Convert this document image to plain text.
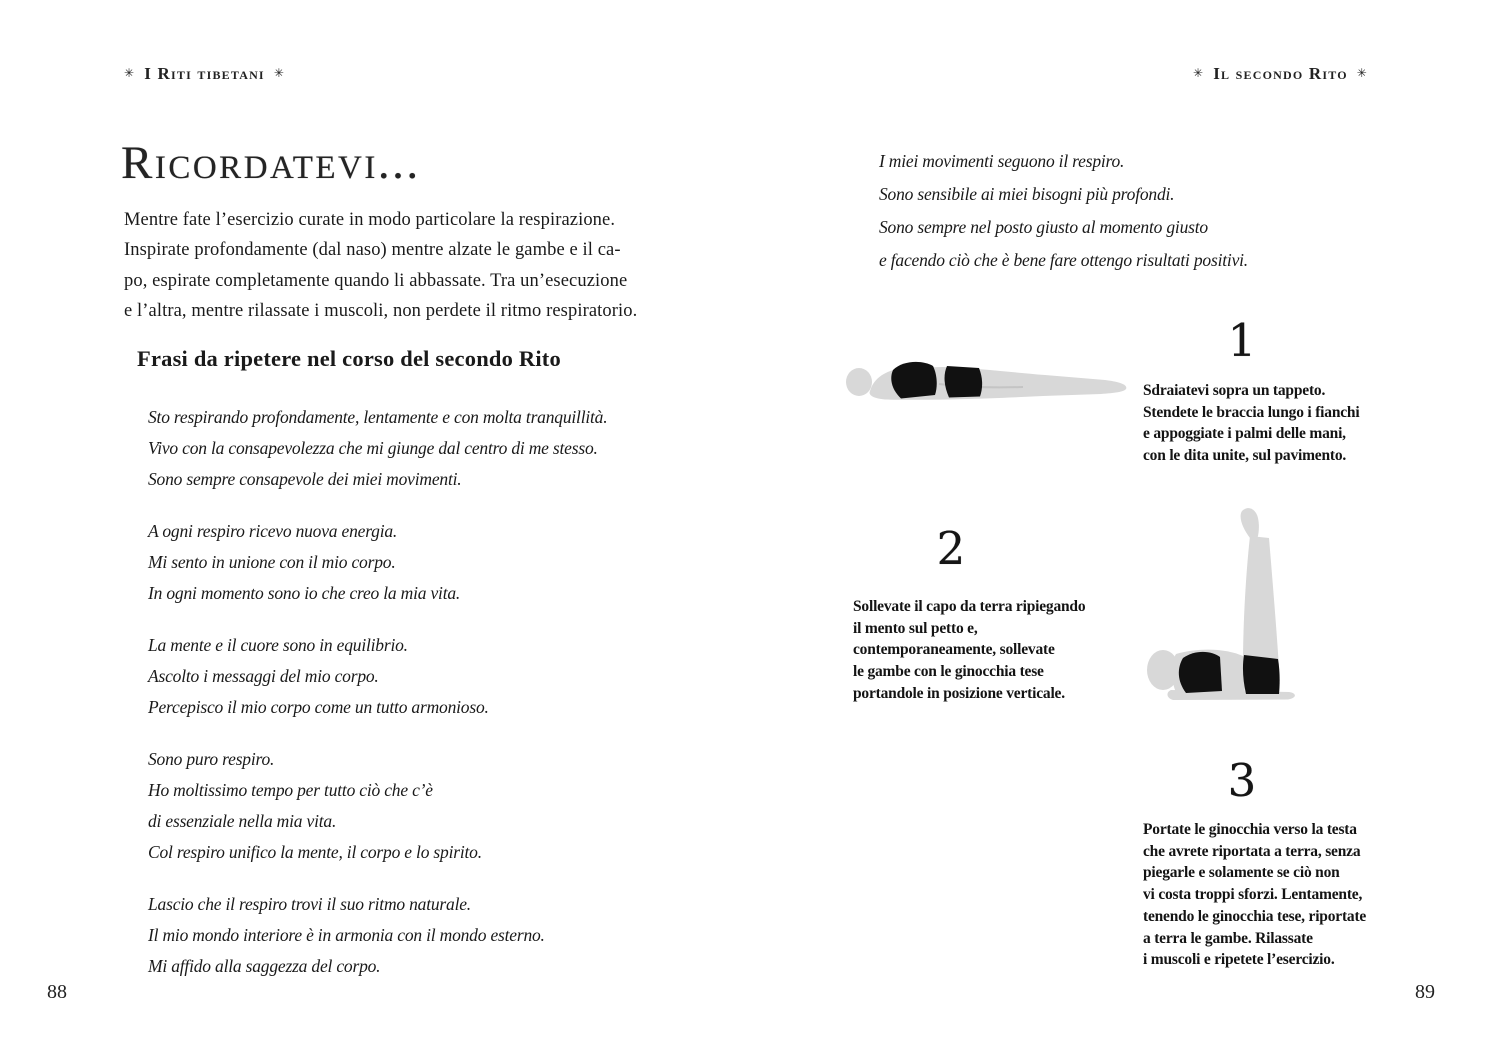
✳ I Riti tibetani ✳
Ricordatevi...
Mentre fate l’esercizio curate in modo particolare la respirazione.
Inspirate profondamente (dal naso) mentre alzate le gambe e il ca-
po, espirate completamente quando li abbassate. Tra un’esecuzione
e l’altra, mentre rilassate i muscoli, non perdete il ritmo respiratorio.
Frasi da ripetere nel corso del secondo Rito
Sto respirando profondamente, lentamente e con molta tranquillità.
Vivo con la consapevolezza che mi giunge dal centro di me stesso.
Sono sempre consapevole dei miei movimenti.
A ogni respiro ricevo nuova energia.
Mi sento in unione con il mio corpo.
In ogni momento sono io che creo la mia vita.
La mente e il cuore sono in equilibrio.
Ascolto i messaggi del mio corpo.
Percepisco il mio corpo come un tutto armonioso.
Sono puro respiro.
Ho moltissimo tempo per tutto ciò che c’è
di essenziale nella mia vita.
Col respiro unifico la mente, il corpo e lo spirito.
Lascio che il respiro trovi il suo ritmo naturale.
Il mio mondo interiore è in armonia con il mondo esterno.
Mi affido alla saggezza del corpo.
88
✳ Il secondo Rito ✳
I miei movimenti seguono il respiro.
Sono sensibile ai miei bisogni più profondi.
Sono sempre nel posto giusto al momento giusto
e facendo ciò che è bene fare ottengo risultati positivi.
1
Sdraiatevi sopra un tappeto.
Stendete le braccia lungo i fianchi
e appoggiate i palmi delle mani,
con le dita unite, sul pavimento.
2
Sollevate il capo da terra ripiegando
il mento sul petto e,
contemporaneamente, sollevate
le gambe con le ginocchia tese
portandole in posizione verticale.
3
Portate le ginocchia verso la testa
che avrete riportata a terra, senza
piegarle e solamente se ciò non
vi costa troppi sforzi. Lentamente,
tenendo le ginocchia tese, riportate
a terra le gambe. Rilassate
i muscoli e ripetete l’esercizio.
89
